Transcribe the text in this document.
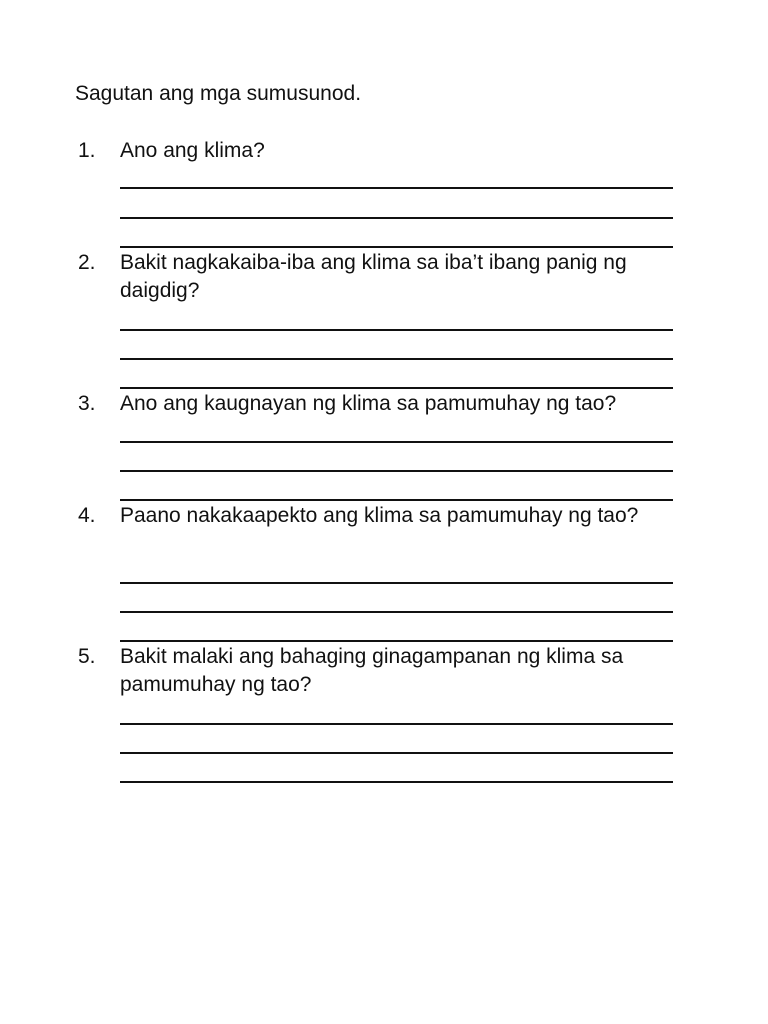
Sagutan ang mga sumusunod.
1. Ano ang klima?
2. Bakit nagkakaiba-iba ang klima sa iba’t ibang panig ng daigdig?
3. Ano ang kaugnayan ng klima sa pamumuhay ng tao?
4. Paano nakakaapekto ang klima sa pamumuhay ng tao?
5. Bakit malaki ang bahaging ginagampanan ng klima sa pamumuhay ng tao?
